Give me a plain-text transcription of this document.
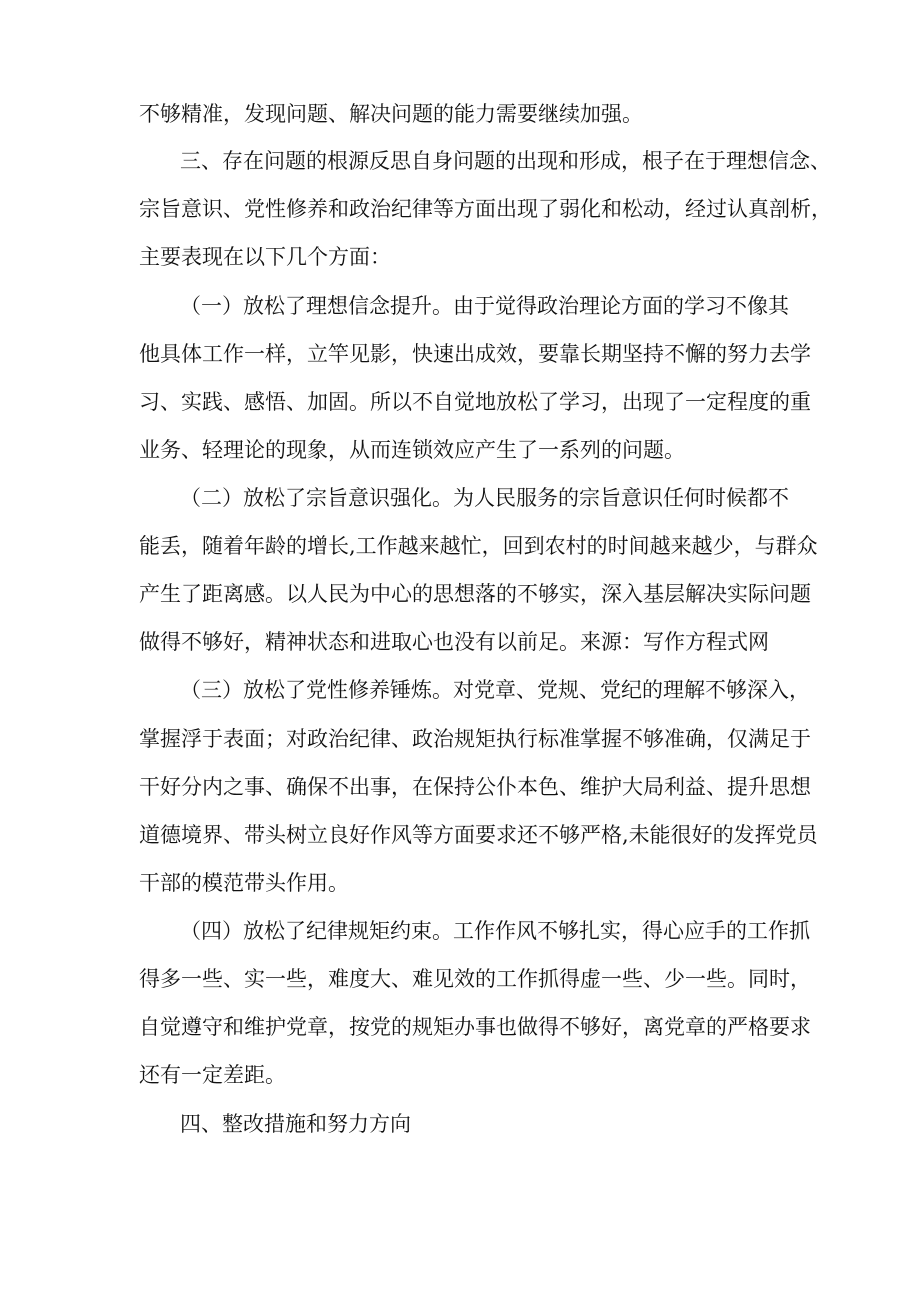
不够精准，发现问题、解决问题的能力需要继续加强。
三、存在问题的根源反思自身问题的出现和形成，根子在于理想信念、
宗旨意识、党性修养和政治纪律等方面出现了弱化和松动，经过认真剖析，
主要表现在以下几个方面：
（一）放松了理想信念提升。由于觉得政治理论方面的学习不像其
他具体工作一样，立竿见影，快速出成效，要靠长期坚持不懈的努力去学
习、实践、感悟、加固。所以不自觉地放松了学习，出现了一定程度的重
业务、轻理论的现象，从而连锁效应产生了一系列的问题。
（二）放松了宗旨意识强化。为人民服务的宗旨意识任何时候都不
能丢，随着年龄的增长,工作越来越忙，回到农村的时间越来越少，与群众
产生了距离感。以人民为中心的思想落的不够实，深入基层解决实际问题
做得不够好，精神状态和进取心也没有以前足。来源：写作方程式网
（三）放松了党性修养锤炼。对党章、党规、党纪的理解不够深入，
掌握浮于表面；对政治纪律、政治规矩执行标准掌握不够准确，仅满足于
干好分内之事、确保不出事，在保持公仆本色、维护大局利益、提升思想
道德境界、带头树立良好作风等方面要求还不够严格,未能很好的发挥党员
干部的模范带头作用。
（四）放松了纪律规矩约束。工作作风不够扎实，得心应手的工作抓
得多一些、实一些，难度大、难见效的工作抓得虚一些、少一些。同时，
自觉遵守和维护党章，按党的规矩办事也做得不够好，离党章的严格要求
还有一定差距。
四、整改措施和努力方向
